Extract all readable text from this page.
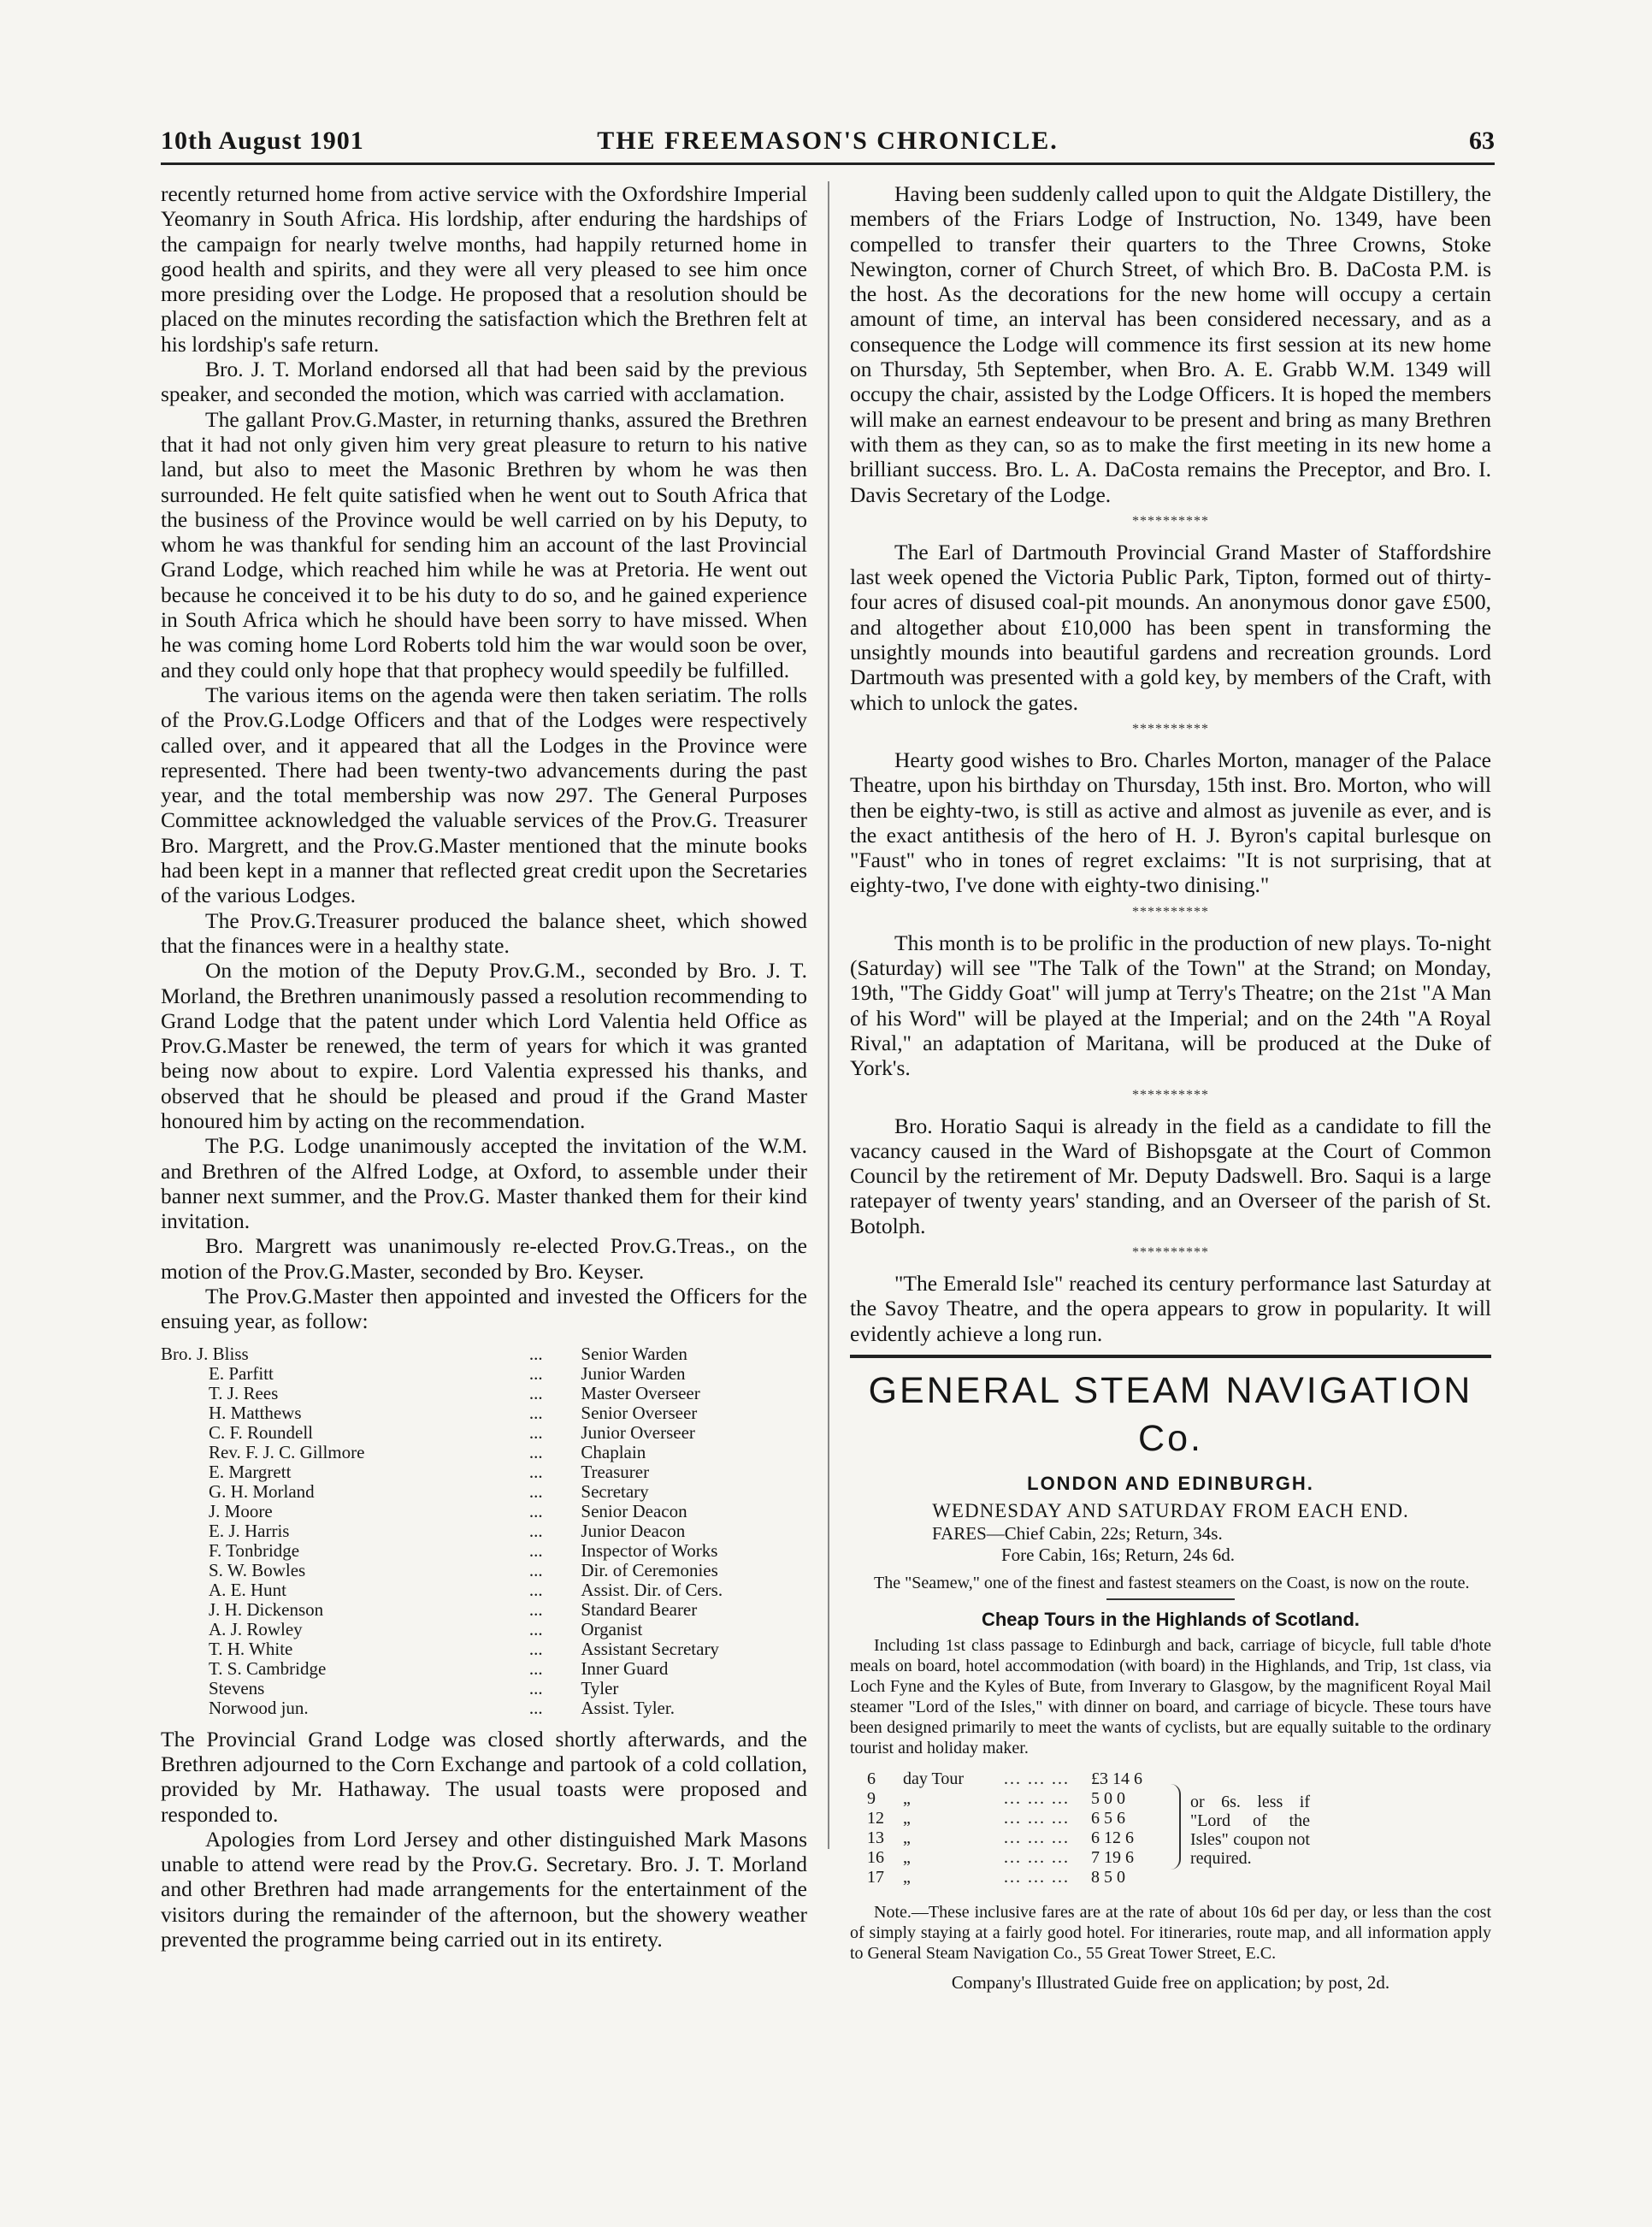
10th August 1901	THE FREEMASON'S CHRONICLE.	63

recently returned home from active service with the Oxfordshire Imperial Yeomanry in South Africa. His lordship, after enduring the hardships of the campaign for nearly twelve months, had happily returned home in good health and spirits, and they were all very pleased to see him once more presiding over the Lodge. He proposed that a resolution should be placed on the minutes recording the satisfaction which the Brethren felt at his lordship's safe return.

Bro. J. T. Morland endorsed all that had been said by the previous speaker, and seconded the motion, which was carried with acclamation.

The gallant Prov.G.Master, in returning thanks, assured the Brethren that it had not only given him very great pleasure to return to his native land, but also to meet the Masonic Brethren by whom he was then surrounded. He felt quite satisfied when he went out to South Africa that the business of the Province would be well carried on by his Deputy, to whom he was thankful for sending him an account of the last Provincial Grand Lodge, which reached him while he was at Pretoria. He went out because he conceived it to be his duty to do so, and he gained experience in South Africa which he should have been sorry to have missed. When he was coming home Lord Roberts told him the war would soon be over, and they could only hope that that prophecy would speedily be fulfilled.

The various items on the agenda were then taken seriatim. The rolls of the Prov.G.Lodge Officers and that of the Lodges were respectively called over, and it appeared that all the Lodges in the Province were represented. There had been twenty-two advancements during the past year, and the total membership was now 297. The General Purposes Committee acknowledged the valuable services of the Prov.G. Treasurer Bro. Margrett, and the Prov.G.Master mentioned that the minute books had been kept in a manner that reflected great credit upon the Secretaries of the various Lodges.

The Prov.G.Treasurer produced the balance sheet, which showed that the finances were in a healthy state.

On the motion of the Deputy Prov.G.M., seconded by Bro. J. T. Morland, the Brethren unanimously passed a resolution recommending to Grand Lodge that the patent under which Lord Valentia held Office as Prov.G.Master be renewed, the term of years for which it was granted being now about to expire. Lord Valentia expressed his thanks, and observed that he should be pleased and proud if the Grand Master honoured him by acting on the recommendation.

The P.G. Lodge unanimously accepted the invitation of the W.M. and Brethren of the Alfred Lodge, at Oxford, to assemble under their banner next summer, and the Prov.G. Master thanked them for their kind invitation.

Bro. Margrett was unanimously re-elected Prov.G.Treas., on the motion of the Prov.G.Master, seconded by Bro. Keyser.

The Prov.G.Master then appointed and invested the Officers for the ensuing year, as follow:

Bro. J. Bliss	...	Senior Warden
E. Parfitt	...	Junior Warden
T. J. Rees	...	Master Overseer
H. Matthews	...	Senior Overseer
C. F. Roundell	...	Junior Overseer
Rev. F. J. C. Gillmore	...	Chaplain
E. Margrett	...	Treasurer
G. H. Morland	...	Secretary
J. Moore	...	Senior Deacon
E. J. Harris	...	Junior Deacon
F. Tonbridge	...	Inspector of Works
S. W. Bowles	...	Dir. of Ceremonies
A. E. Hunt	...	Assist. Dir. of Cers.
J. H. Dickenson	...	Standard Bearer
A. J. Rowley	...	Organist
T. H. White	...	Assistant Secretary
T. S. Cambridge	...	Inner Guard
Stevens	...	Tyler
Norwood jun.	...	Assist. Tyler.

The Provincial Grand Lodge was closed shortly afterwards, and the Brethren adjourned to the Corn Exchange and partook of a cold collation, provided by Mr. Hathaway. The usual toasts were proposed and responded to.

Apologies from Lord Jersey and other distinguished Mark Masons unable to attend were read by the Prov.G. Secretary. Bro. J. T. Morland and other Brethren had made arrangements for the entertainment of the visitors during the remainder of the afternoon, but the showery weather prevented the programme being carried out in its entirety.

Having been suddenly called upon to quit the Aldgate Distillery, the members of the Friars Lodge of Instruction, No. 1349, have been compelled to transfer their quarters to the Three Crowns, Stoke Newington, corner of Church Street, of which Bro. B. DaCosta P.M. is the host. As the decorations for the new home will occupy a certain amount of time, an interval has been considered necessary, and as a consequence the Lodge will commence its first session at its new home on Thursday, 5th September, when Bro. A. E. Grabb W.M. 1349 will occupy the chair, assisted by the Lodge Officers. It is hoped the members will make an earnest endeavour to be present and bring as many Brethren with them as they can, so as to make the first meeting in its new home a brilliant success. Bro. L. A. DaCosta remains the Preceptor, and Bro. I. Davis Secretary of the Lodge.

**********

The Earl of Dartmouth Provincial Grand Master of Staffordshire last week opened the Victoria Public Park, Tipton, formed out of thirty-four acres of disused coal-pit mounds. An anonymous donor gave £500, and altogether about £10,000 has been spent in transforming the unsightly mounds into beautiful gardens and recreation grounds. Lord Dartmouth was presented with a gold key, by members of the Craft, with which to unlock the gates.

**********

Hearty good wishes to Bro. Charles Morton, manager of the Palace Theatre, upon his birthday on Thursday, 15th inst. Bro. Morton, who will then be eighty-two, is still as active and almost as juvenile as ever, and is the exact antithesis of the hero of H. J. Byron's capital burlesque on "Faust" who in tones of regret exclaims: "It is not surprising, that at eighty-two, I've done with eighty-two dinising."

**********

This month is to be prolific in the production of new plays. To-night (Saturday) will see "The Talk of the Town" at the Strand; on Monday, 19th, "The Giddy Goat" will jump at Terry's Theatre; on the 21st "A Man of his Word" will be played at the Imperial; and on the 24th "A Royal Rival," an adaptation of Maritana, will be produced at the Duke of York's.

**********

Bro. Horatio Saqui is already in the field as a candidate to fill the vacancy caused in the Ward of Bishopsgate at the Court of Common Council by the retirement of Mr. Deputy Dadswell. Bro. Saqui is a large ratepayer of twenty years' standing, and an Overseer of the parish of St. Botolph.

**********

"The Emerald Isle" reached its century performance last Saturday at the Savoy Theatre, and the opera appears to grow in popularity. It will evidently achieve a long run.

GENERAL STEAM NAVIGATION Co.
LONDON AND EDINBURGH.
WEDNESDAY AND SATURDAY FROM EACH END.
FARES—Chief Cabin, 22s; Return, 34s.
Fore Cabin, 16s; Return, 24s 6d.
The "Seamew," one of the finest and fastest steamers on the Coast, is now on the route.
Cheap Tours in the Highlands of Scotland.
Including 1st class passage to Edinburgh and back, carriage of bicycle, full table d'hote meals on board, hotel accommodation (with board) in the Highlands, and Trip, 1st class, via Loch Fyne and the Kyles of Bute, from Inverary to Glasgow, by the magnificent Royal Mail steamer "Lord of the Isles," with dinner on board, and carriage of bicycle. These tours have been designed primarily to meet the wants of cyclists, but are equally suitable to the ordinary tourist and holiday maker.
6 day Tour ... ... ... £3 14 6
9 „	... ... ... 5 0 0
12 „	... ... ... 6 5 6
13 „	... ... ... 6 12 6
16 „	... ... ... 7 19 6
17 „	... ... ... 8 5 0
or 6s. less if "Lord of the Isles" coupon not required.
Note.—These inclusive fares are at the rate of about 10s 6d per day, or less than the cost of simply staying at a fairly good hotel. For itineraries, route map, and all information apply to General Steam Navigation Co., 55 Great Tower Street, E.C.
Company's Illustrated Guide free on application; by post, 2d.
